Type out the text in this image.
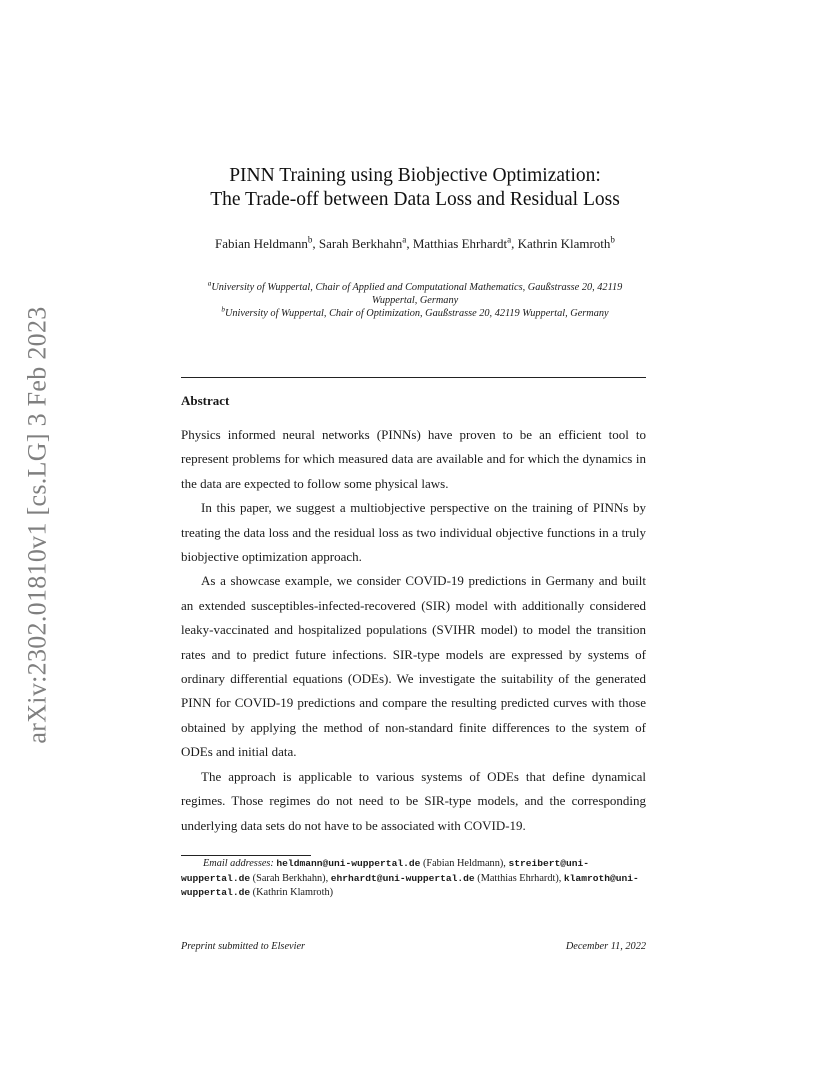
arXiv:2302.01810v1 [cs.LG] 3 Feb 2023
PINN Training using Biobjective Optimization:
The Trade-off between Data Loss and Residual Loss
Fabian Heldmann$^b$, Sarah Berkhahn$^a$, Matthias Ehrhardt$^a$, Kathrin Klamroth$^b$
$^a$University of Wuppertal, Chair of Applied and Computational Mathematics, Gaußstrasse 20, 42119 Wuppertal, Germany
$^b$University of Wuppertal, Chair of Optimization, Gaußstrasse 20, 42119 Wuppertal, Germany
Abstract

Physics informed neural networks (PINNs) have proven to be an efficient tool to represent problems for which measured data are available and for which the dynamics in the data are expected to follow some physical laws.

In this paper, we suggest a multiobjective perspective on the training of PINNs by treating the data loss and the residual loss as two individual objective functions in a truly biobjective optimization approach.

As a showcase example, we consider COVID-19 predictions in Germany and built an extended susceptibles-infected-recovered (SIR) model with additionally considered leaky-vaccinated and hospitalized populations (SVIHR model) to model the transition rates and to predict future infections. SIR-type models are expressed by systems of ordinary differential equations (ODEs). We investigate the suitability of the generated PINN for COVID-19 predictions and compare the resulting predicted curves with those obtained by applying the method of non-standard finite differences to the system of ODEs and initial data.

The approach is applicable to various systems of ODEs that define dynamical regimes. Those regimes do not need to be SIR-type models, and the corresponding underlying data sets do not have to be associated with COVID-19.

Email addresses: heldmann@uni-wuppertal.de (Fabian Heldmann), streibert@uni-wuppertal.de (Sarah Berkhahn), ehrhardt@uni-wuppertal.de (Matthias Ehrhardt), klamroth@uni-wuppertal.de (Kathrin Klamroth)
Preprint submitted to Elsevier	December 11, 2022
